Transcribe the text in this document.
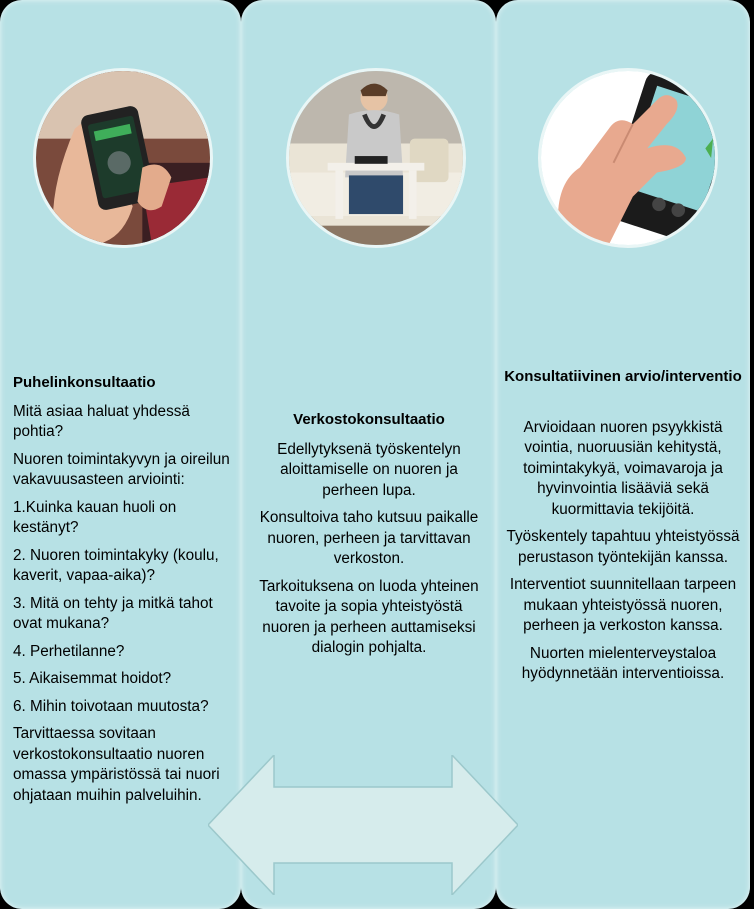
Puhelinkonsultaatio

Mitä asiaa haluat yhdessä pohtia?

Nuoren toimintakyvyn ja oireilun vakavuusasteen arviointi:

1.Kuinka kauan huoli on kestänyt?

2. Nuoren toimintakyky (koulu, kaverit, vapaa-aika)?

3. Mitä on tehty ja mitkä tahot ovat mukana?

4. Perhetilanne?

5. Aikaisemmat hoidot?

6. Mihin toivotaan muutosta?

Tarvittaessa sovitaan verkostokonsultaatio nuoren omassa ympäristössä tai nuori ohjataan muihin palveluihin.

Verkostokonsultaatio

Edellytyksenä työskentelyn aloittamiselle on nuoren ja perheen lupa.

Konsultoiva taho kutsuu paikalle nuoren, perheen ja tarvittavan verkoston.

Tarkoituksena on luoda yhteinen tavoite ja sopia yhteistyöstä nuoren ja perheen auttamiseksi dialogin pohjalta.

Konsultatiivinen arvio/interventio

Arvioidaan nuoren psyykkistä vointia, nuoruusiän kehitystä, toimintakykyä, voimavaroja ja hyvinvointia lisääviä sekä kuormittavia tekijöitä.

Työskentely tapahtuu yhteistyössä perustason työntekijän kanssa.

Interventiot suunnitellaan tarpeen mukaan yhteistyössä nuoren, perheen ja verkoston kanssa.

Nuorten mielenterveystaloa hyödynnetään interventioissa.
